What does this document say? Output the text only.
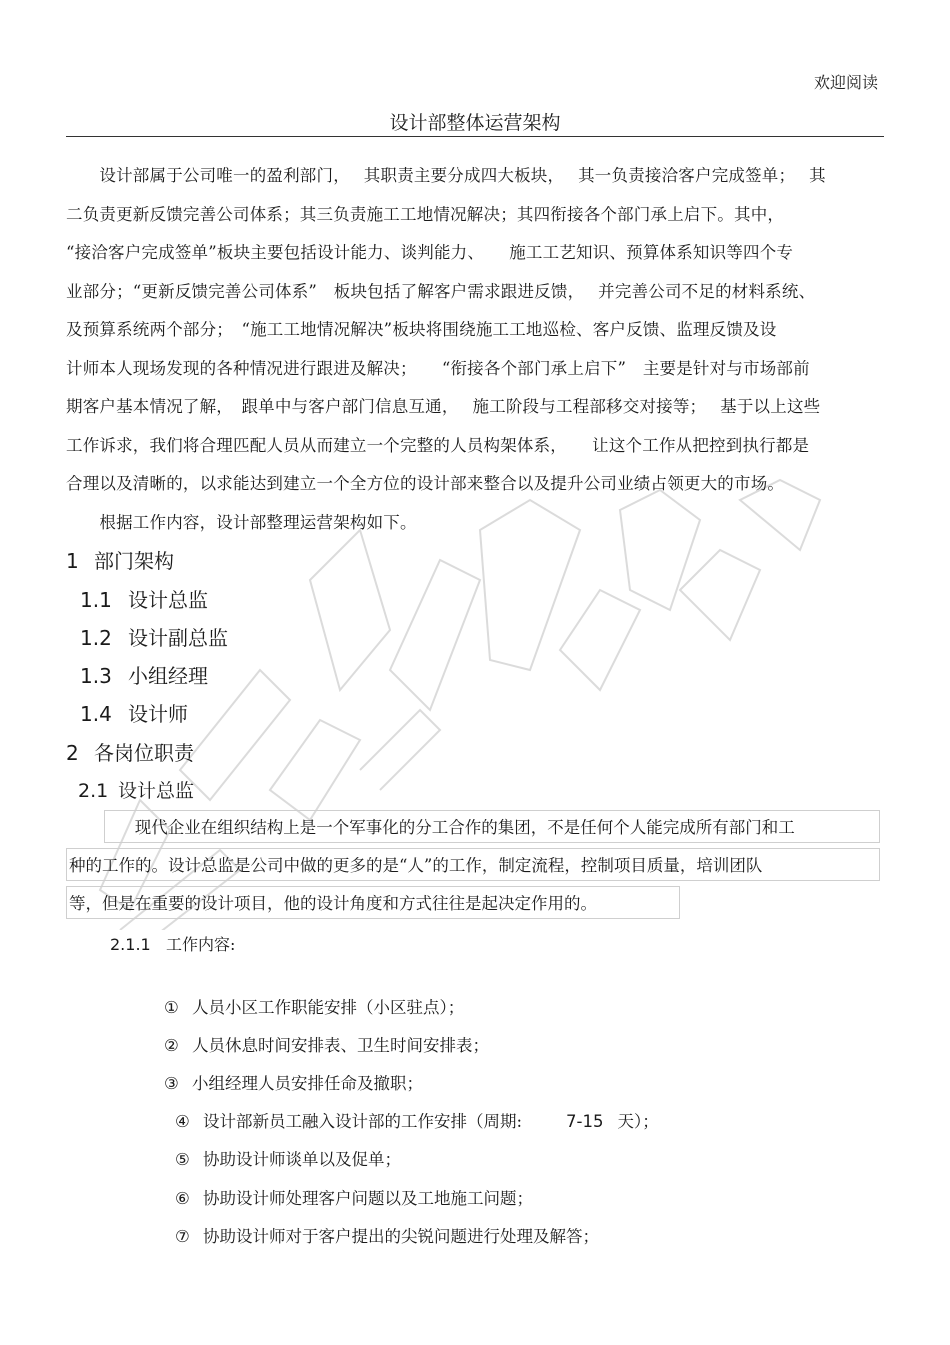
欢迎阅读
设计部整体运营架构
　　设计部属于公司唯一的盈利部门，　 其职责主要分成四大板块，　 其一负责接洽客户完成签单；　 其
二负责更新反馈完善公司体系；其三负责施工工地情况解决；其四衔接各个部门承上启下。其中，
“接洽客户完成签单”板块主要包括设计能力、谈判能力、　　施工工艺知识、预算体系知识等四个专
业部分；“更新反馈完善公司体系”　板块包括了解客户需求跟进反馈，　 并完善公司不足的材料系统、
及预算系统两个部分；　“施工工地情况解决”板块将围绕施工工地巡检、客户反馈、监理反馈及设
计师本人现场发现的各种情况进行跟进及解决；　　“衔接各个部门承上启下”　主要是针对与市场部前
期客户基本情况了解，　跟单中与客户部门信息互通，　 施工阶段与工程部移交对接等；　 基于以上这些
工作诉求，我们将合理匹配人员从而建立一个完整的人员构架体系，　　让这个工作从把控到执行都是
合理以及清晰的，以求能达到建立一个全方位的设计部来整合以及提升公司业绩占领更大的市场。
　　根据工作内容，设计部整理运营架构如下。
1 部门架构
1.1 设计总监
1.2 设计副总监
1.3 小组经理
1.4 设计师
2 各岗位职责
2.1 设计总监
　 现代企业在组织结构上是一个军事化的分工合作的集团，不是任何个人能完成所有部门和工
种的工作的。设计总监是公司中做的更多的是“人”的工作，制定流程，控制项目质量，培训团队
等，但是在重要的设计项目，他的设计角度和方式往往是起决定作用的。
2.1.1 工作内容:

① 人员小区工作职能安排（小区驻点）；

② 人员休息时间安排表、卫生时间安排表；

③ 小组经理人员安排任命及撤职；

④ 设计部新员工融入设计部的工作安排（周期:	7-15 天）；

⑤ 协助设计师谈单以及促单；

⑥ 协助设计师处理客户问题以及工地施工问题；

⑦ 协助设计师对于客户提出的尖锐问题进行处理及解答；
